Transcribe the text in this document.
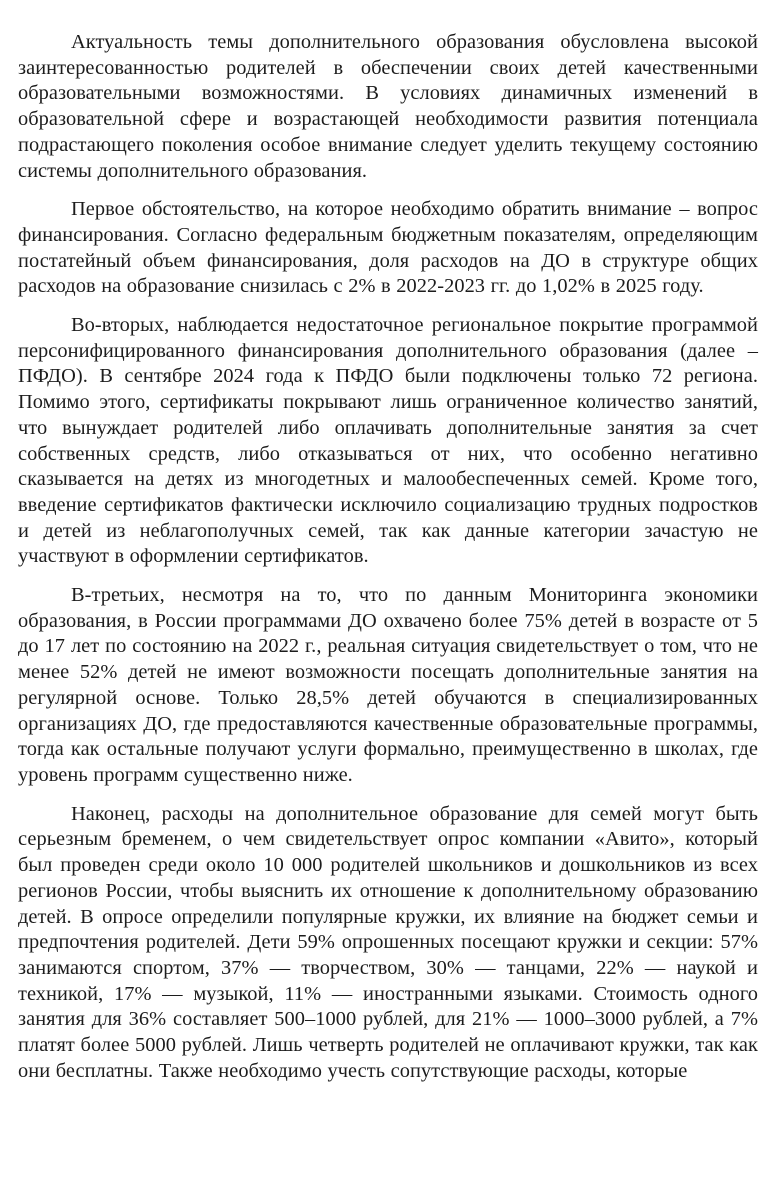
Актуальность темы дополнительного образования обусловлена высокой заинтересованностью родителей в обеспечении своих детей качественными образовательными возможностями. В условиях динамичных изменений в образовательной сфере и возрастающей необходимости развития потенциала подрастающего поколения особое внимание следует уделить текущему состоянию системы дополнительного образования.

Первое обстоятельство, на которое необходимо обратить внимание – вопрос финансирования. Согласно федеральным бюджетным показателям, определяющим постатейный объем финансирования, доля расходов на ДО в структуре общих расходов на образование снизилась с 2% в 2022-2023 гг. до 1,02% в 2025 году.

Во-вторых, наблюдается недостаточное региональное покрытие программой персонифицированного финансирования дополнительного образования (далее – ПФДО). В сентябре 2024 года к ПФДО были подключены только 72 региона. Помимо этого, сертификаты покрывают лишь ограниченное количество занятий, что вынуждает родителей либо оплачивать дополнительные занятия за счет собственных средств, либо отказываться от них, что особенно негативно сказывается на детях из многодетных и малообеспеченных семей. Кроме того, введение сертификатов фактически исключило социализацию трудных подростков и детей из неблагополучных семей, так как данные категории зачастую не участвуют в оформлении сертификатов.

В-третьих, несмотря на то, что по данным Мониторинга экономики образования, в России программами ДО охвачено более 75% детей в возрасте от 5 до 17 лет по состоянию на 2022 г., реальная ситуация свидетельствует о том, что не менее 52% детей не имеют возможности посещать дополнительные занятия на регулярной основе. Только 28,5% детей обучаются в специализированных организациях ДО, где предоставляются качественные образовательные программы, тогда как остальные получают услуги формально, преимущественно в школах, где уровень программ существенно ниже.

Наконец, расходы на дополнительное образование для семей могут быть серьезным бременем, о чем свидетельствует опрос компании «Авито», который был проведен среди около 10 000 родителей школьников и дошкольников из всех регионов России, чтобы выяснить их отношение к дополнительному образованию детей. В опросе определили популярные кружки, их влияние на бюджет семьи и предпочтения родителей. Дети 59% опрошенных посещают кружки и секции: 57% занимаются спортом, 37% — творчеством, 30% — танцами, 22% — наукой и техникой, 17% — музыкой, 11% — иностранными языками. Стоимость одного занятия для 36% составляет 500–1000 рублей, для 21% — 1000–3000 рублей, а 7% платят более 5000 рублей. Лишь четверть родителей не оплачивают кружки, так как они бесплатны. Также необходимо учесть сопутствующие расходы, которые
